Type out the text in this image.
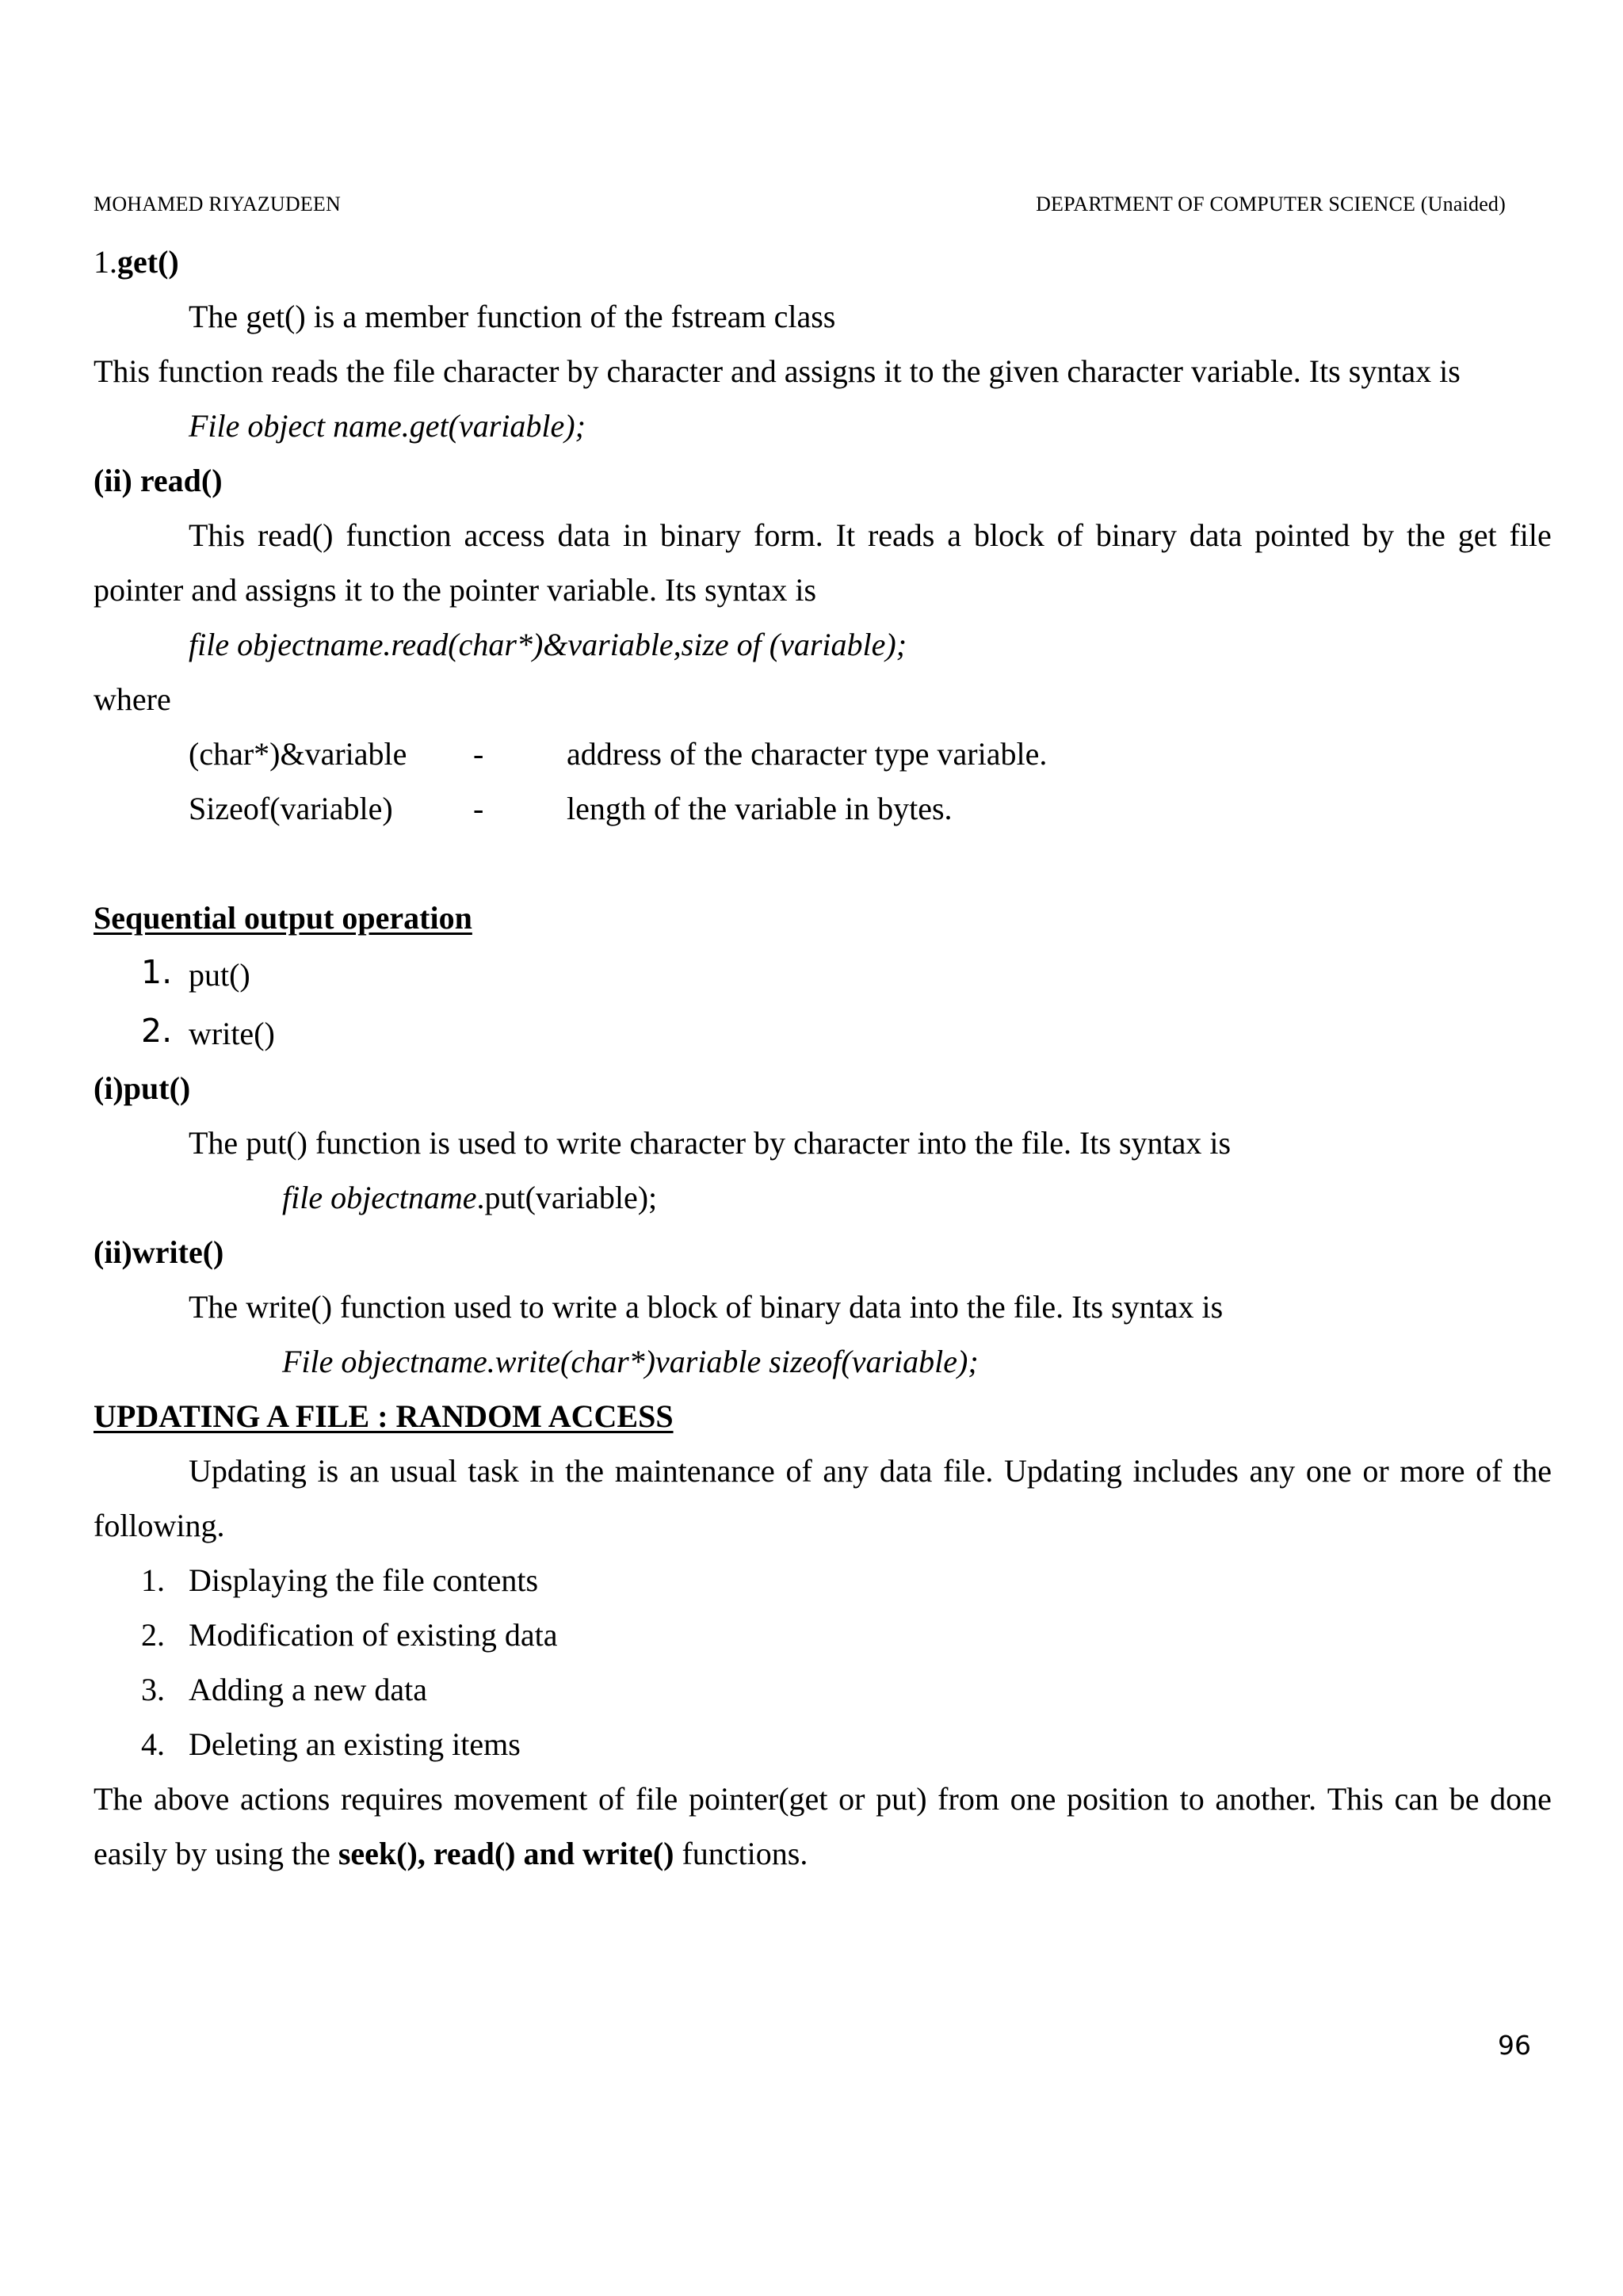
MOHAMED RIYAZUDEEN	DEPARTMENT OF COMPUTER SCIENCE (Unaided)
1.get()
The get() is a member function of the fstream class
This function reads the file character by character and assigns it to the given character variable. Its syntax is
File object name.get(variable);
(ii) read()
This read() function access data in binary form. It reads a block of binary data pointed by the get file
pointer and assigns it to the pointer variable. Its syntax is
file objectname.read(char*)&variable,size of (variable);
where
(char*)&variable -	address of the character type variable.
Sizeof(variable)	-	length of the variable in bytes.
Sequential output operation
1. put()
2. write()
(i)put()
The put() function is used to write character by character into the file. Its syntax is
file objectname.put(variable);
(ii)write()
The write() function used to write a block of binary data into the file. Its syntax is
File objectname.write(char*)variable sizeof(variable);
UPDATING A FILE : RANDOM ACCESS
Updating is an usual task in the maintenance of any data file. Updating includes any one or more of the
following.
1. Displaying the file contents
2. Modification of existing data
3. Adding a new data
4. Deleting an existing items
The above actions requires movement of file pointer(get or put) from one position to another. This can be done
easily by using the seek(), read() and write() functions.
96
